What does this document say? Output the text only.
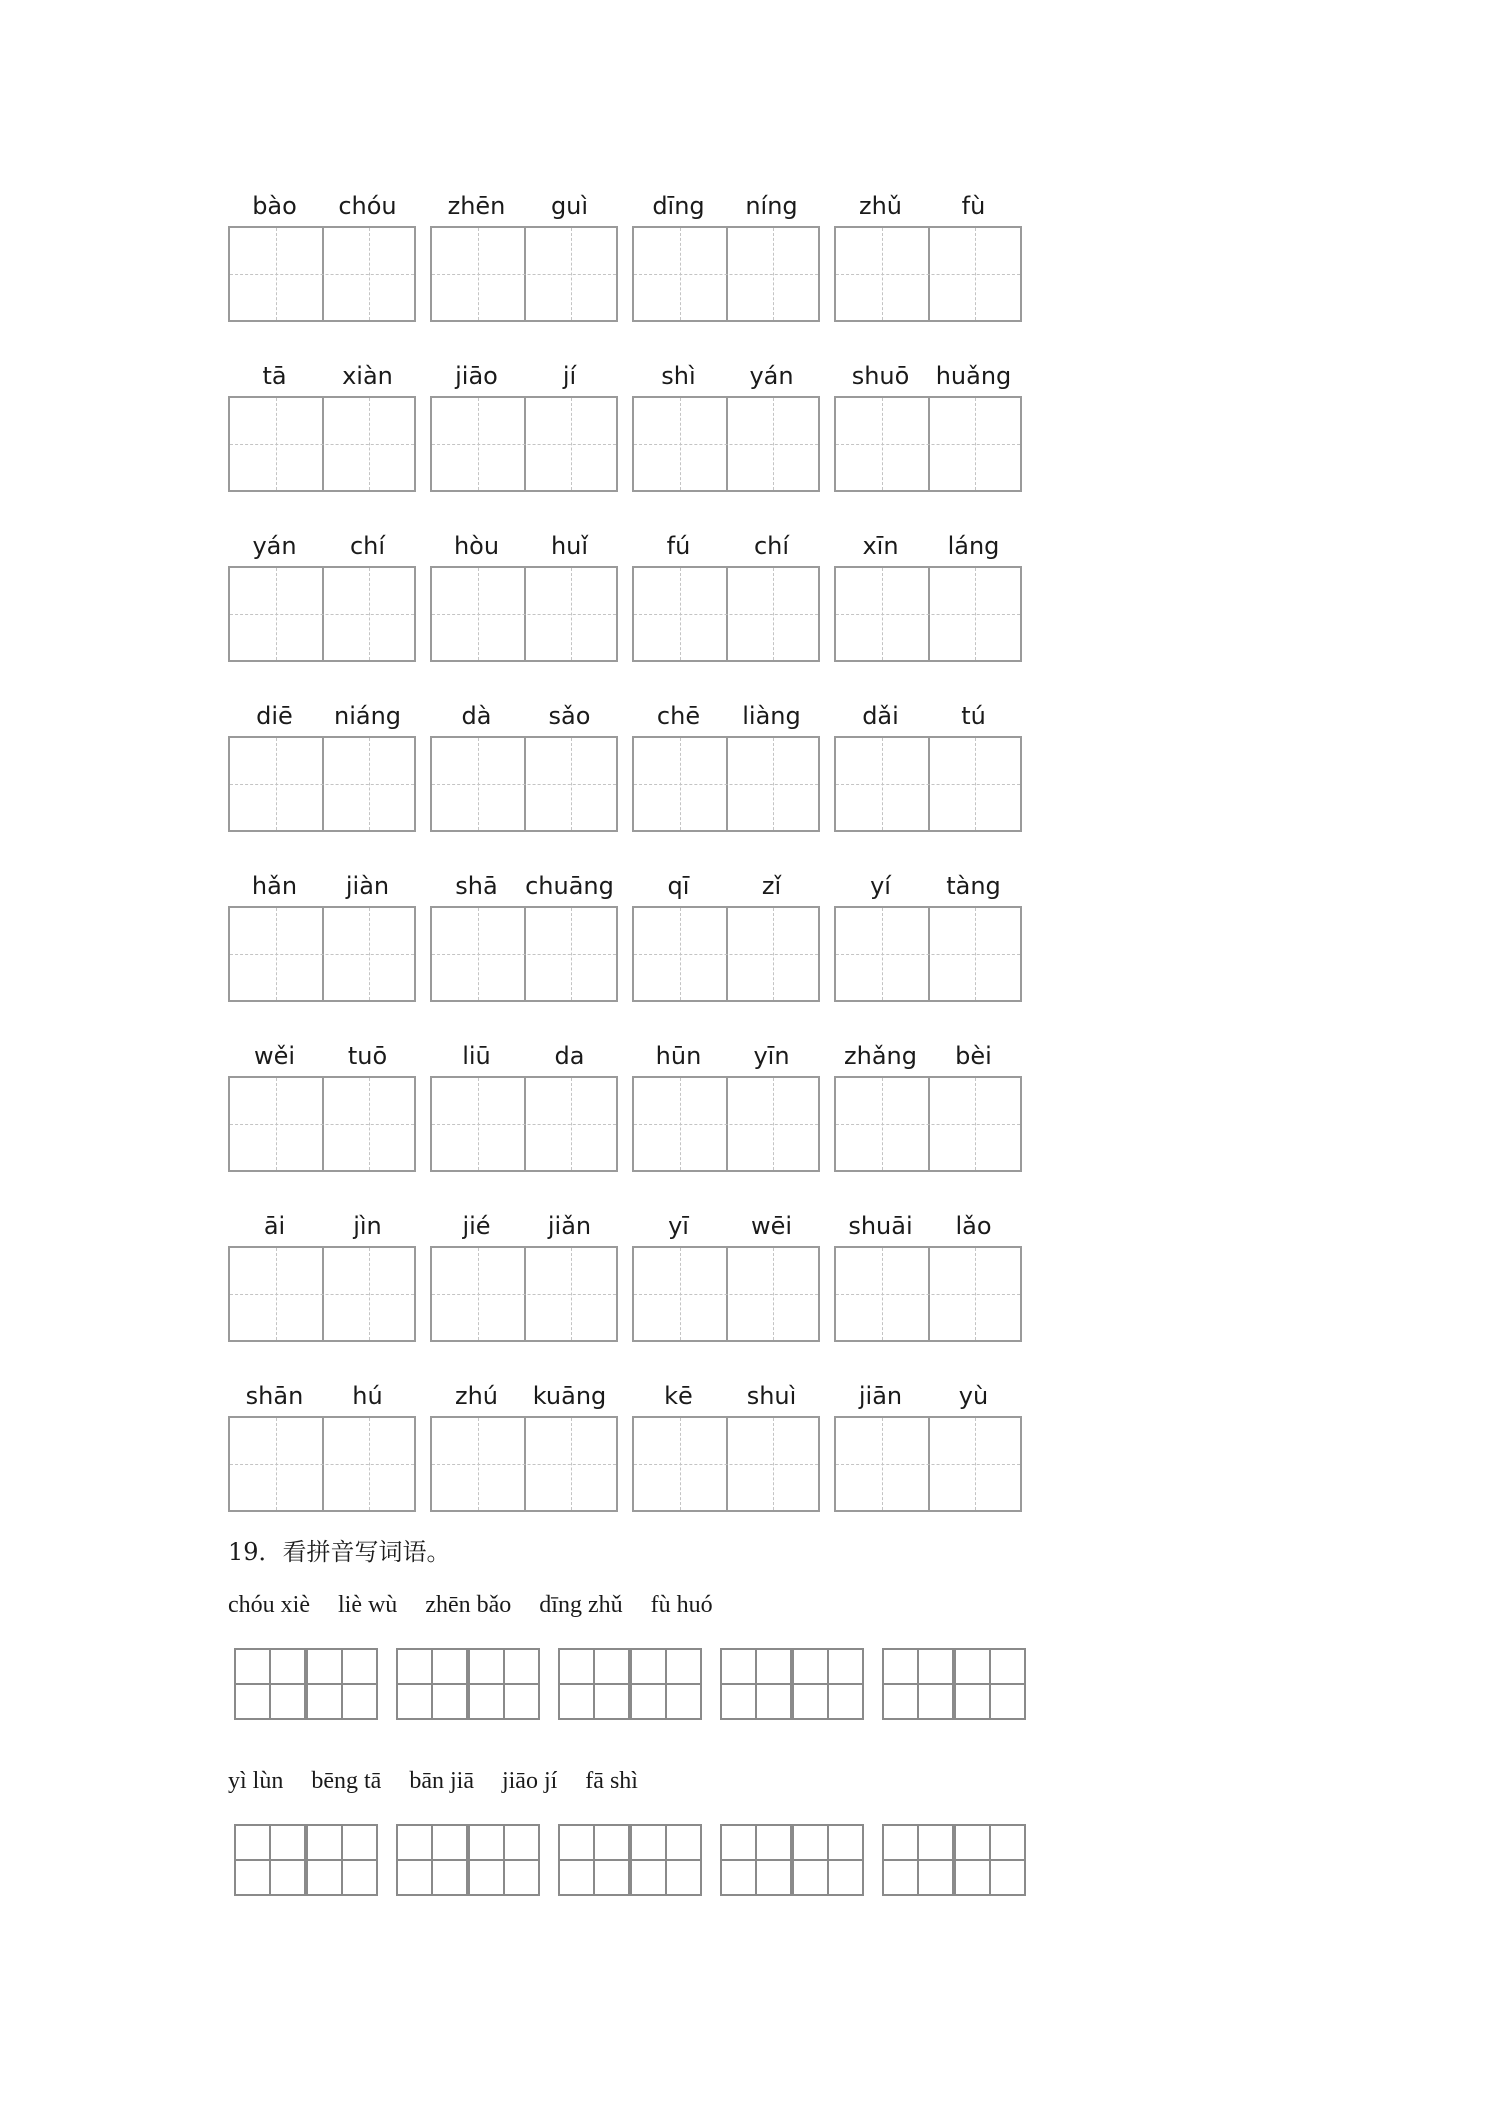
bào	chóu	zhēn	guì	dīng	níng	zhǔ	fù
tā	xiàn	jiāo	jí	shì	yán	shuō	huǎng
yán	chí	hòu	huǐ	fú	chí	xīn	láng
diē	niáng	dà	sǎo	chē	liàng	dǎi	tú
hǎn	jiàn	shā	chuāng	qī	zǐ	yí	tàng
wěi	tuō	liū	da	hūn	yīn	zhǎng	bèi
āi	jìn	jié	jiǎn	yī	wēi	shuāi	lǎo
shān	hú	zhú	kuāng	kē	shuì	jiān	yù
19．看拼音写词语。
chóu xiè liè wù zhēn bǎo dīng zhǔ fù huó
yì lùn bēng tā bān jiā jiāo jí fā shì
